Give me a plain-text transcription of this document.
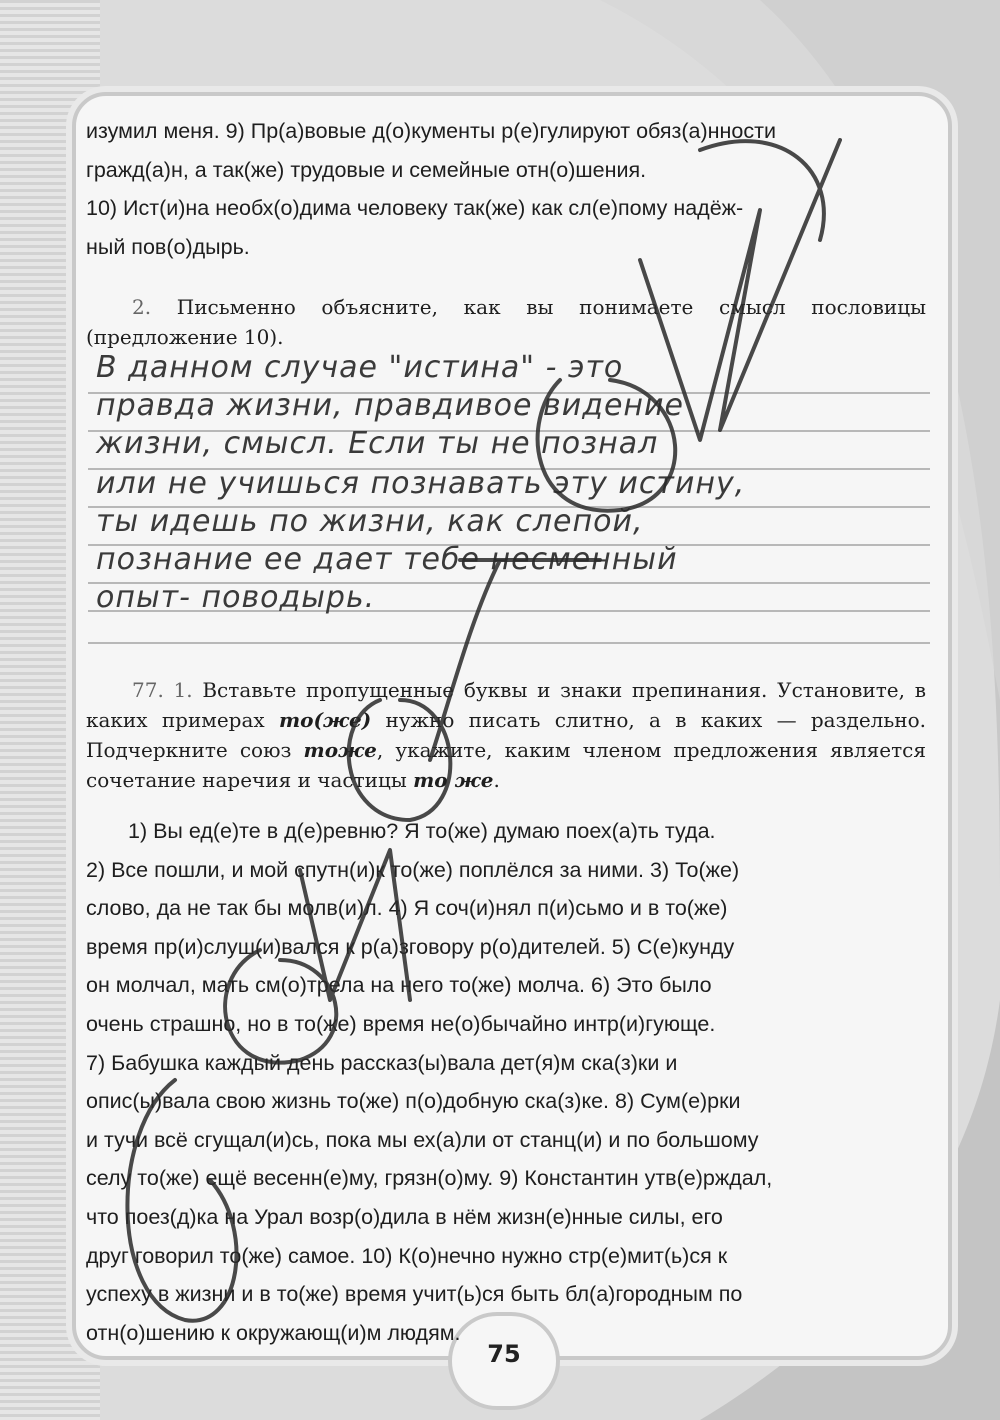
75

изумил меня. 9) Пр(а)вовые д(о)кументы р(е)гулируют обяз(а)нности

гражд(а)н, а так(же) трудовые и семейные отн(о)шения.

10) Ист(и)на необх(о)дима человеку так(же) как сл(е)пому надёж-

ный пов(о)дырь.

2. Письменно объясните, как вы понимаете смысл пословицы (предложение 10).

В данном случае "истина" - это
правда жизни, правдивое видение
жизни, смысл. Если ты не познал
или не учишься познавать эту истину,
ты идешь по жизни, как слепой,
познание ее дает тебе несменный
опыт- поводырь.

77. 1. Вставьте пропущенные буквы и знаки препинания. Установите, в каких примерах то(же) нужно писать слитно, а в каких — раздельно. Подчеркните союз тоже, укажите, каким членом предложения является сочетание наречия и частицы то же.

1) Вы ед(е)те в д(е)ревню? Я то(же) думаю поех(а)ть туда.

2) Все пошли, и мой спутн(и)к то(же) поплёлся за ними. 3) То(же)

слово, да не так бы молв(и)л. 4) Я соч(и)нял п(и)сьмо и в то(же)

время пр(и)слуш(и)вался к р(а)зговору р(о)дителей. 5) С(е)кунду

он молчал, мать см(о)трела на него то(же) молча. 6) Это было

очень страшно, но в то(же) время не(о)бычайно интр(и)гующе.

7) Бабушка каждый день рассказ(ы)вала дет(я)м ска(з)ки и

опис(ы)вала свою жизнь то(же) п(о)добную ска(з)ке. 8) Сум(е)рки

и тучи всё сгущал(и)сь, пока мы ех(а)ли от станц(и) и по большому

селу то(же) ещё весенн(е)му, грязн(о)му. 9) Константин утв(е)рждал,

что поез(д)ка на Урал возр(о)дила в нём жизн(е)нные силы, его

друг говорил то(же) самое. 10) К(о)нечно нужно стр(е)мит(ь)ся к

успеху в жизни и в то(же) время учит(ь)ся быть бл(а)городным по

отн(о)шению к окружающ(и)м людям.
